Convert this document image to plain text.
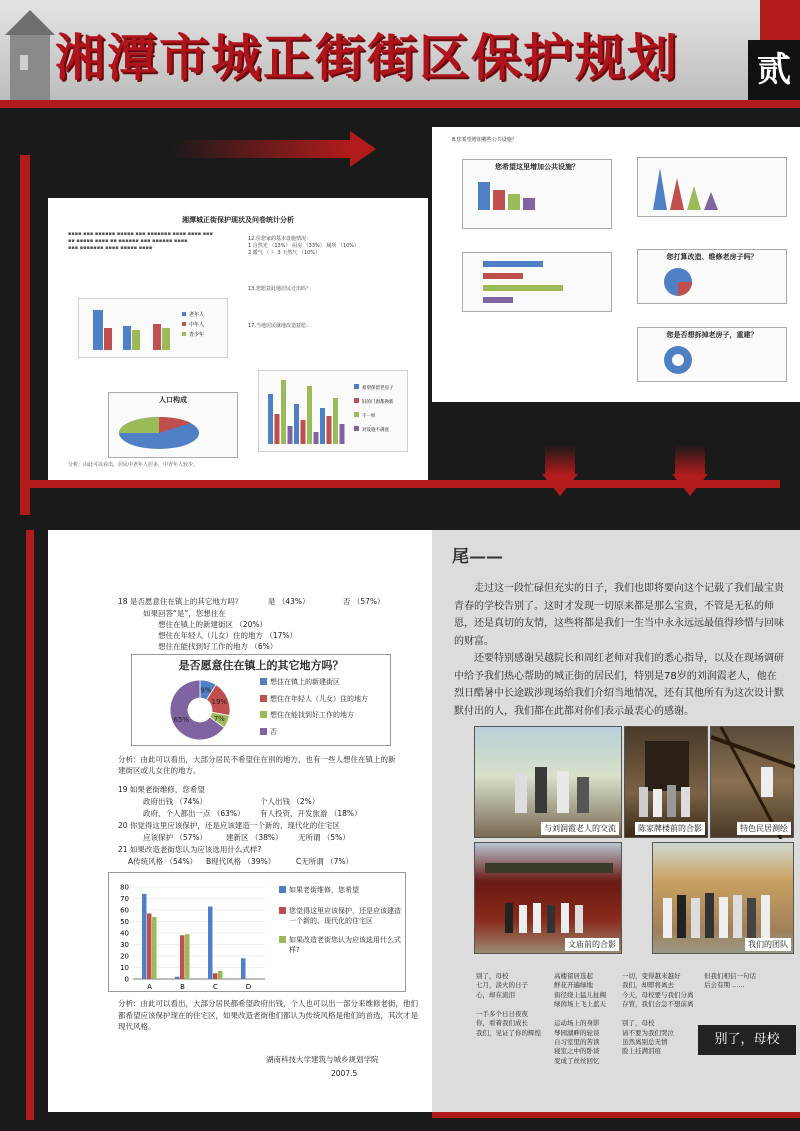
湘潭市城正街街区保护规划 贰
湘潭城正街保护现状及问卷统计分析
▪▪▪▪ ▪▪▪ ▪▪▪▪▪▪ ▪▪▪▪▪ ▪▪▪ ▪▪▪▪▪▪▪ ▪▪▪▪ ▪▪▪▪ ▪▪▪
▪▪ ▪▪▪▪▪ ▪▪▪▪ ▪▪ ▪▪▪▪▪▪ ▪▪▪ ▪▪▪▪▪▪ ▪▪▪▪
▪▪▪ ▪▪▪▪▪▪▪ ▪▪▪▪ ▪▪▪▪▪ ▪▪▪▪
老年人
中年人
青少年
人口构成
分析：由此可以看出，居民中老年人居多，中青年人较少。
12.住您家的基本设施情况：
1 自然光 （13%） 厨房 （33%） 厕所 （10%）
2 暖气 （ ） 3 天然气 （10%）
13.您愿意此地居民迁出吗？
17.当地居民就地改造意愿：
希望保留老房子
旧的门窗都换新
不一样
对设施不满意
8.您希望增加哪些公共设施？
您希望这里增加公共设施？
您打算改造、维修老房子吗？
您是否想拆掉老房子，重建？
18 是否愿意住在镇上的其它地方吗？	是 （43%）	否 （57%）
如果回答“是”，您想住在
想住在镇上的新建街区 （20%）
想住在年轻人（儿女）住的地方 （17%）
想住在能找到好工作的地方 （6%）
是否愿意住在镇上的其它地方吗？
9%
19%
7%
65%
想住在镇上的新建街区
想住在年轻人（儿女）住的地方
想住在能找到好工作的地方
否
分析：由此可以看出，大部分居民不希望住在别的地方，也有一些人想住在镇上的新建街区或儿女住的地方。
19 如果老街维修，您希望
政府出钱 （74%）	个人出钱 （2%）
政府、个人都出一点 （63%） 有人投资，开发旅游 （18%）
20 你觉得这里应该保护，还是应该建造一个新的、现代化的住宅区
应该保护 （57%）	建新区 （38%） 无所谓 （5%）
21 如果改造老街您认为应该选用什么式样?
A传统风格 （54%） B现代风格 （39%）	C无所谓 （7%）
0
10
20
30
40
50
60
70
80
A	B	C	D
如果老街维修，您希望
您觉得这里应该保护，还是应该建造一个新的、现代化的住宅区
如果改造老街您认为应该选用什么式样?
分析：由此可以看出，大部分居民都希望政府出钱，个人也可以出一部分来维修老街，他们都希望应该保护现在的住宅区，如果改造老街他们都认为传统风格是他们的首选，其次才是现代风格。
湖南科技大学建筑与城乡规划学院
2007.5
尾——
走过这一段忙碌但充实的日子，我们也即将要向这个记载了我们最宝贵青春的学校告别了。这时才发现一切原来都是那么宝贵，不管是无私的师恩，还是真切的友情，这些将都是我们一生当中永永远远最值得珍惜与回味的财富。
还要特别感谢吴越院长和周红老师对我们的悉心指导，以及在现场调研中给予我们热心帮助的城正街的居民们，特别是78岁的刘润霞老人，他在烈日酷暑中长途跋涉现场给我们介绍当地情况，还有其他所有为这次设计默默付出的人，我们都在此都对你们表示最衷心的感谢。
与刘润霞老人的交流	陈家牌楼前的合影	特色民居测绘
文庙前的合影	我们的团队
别了，母校
七月，淡火的日子
心，却在流泪

一手多个日日夜夜
你，看着我们成长
我们，见证了你的辉煌
高楼留居选起
鲜花开遍绿地
街径绕上猛儿扯稠
绿茵场上飞上蓝天

运动场上的身影
琴园湖畔的轮谈
自习室里的苦读
寝室之中的卧谈
变成了丝丝回忆
一切，变得越来越好
我们，却即将离去
今天，母校要与我们分离
存管，我们会急不想前离

别了，母校
请不要为我们哭泣
虽然离别总无情
脸上挂满泪痕
但我们相信一句话
后会有期 ......
别了，母校
